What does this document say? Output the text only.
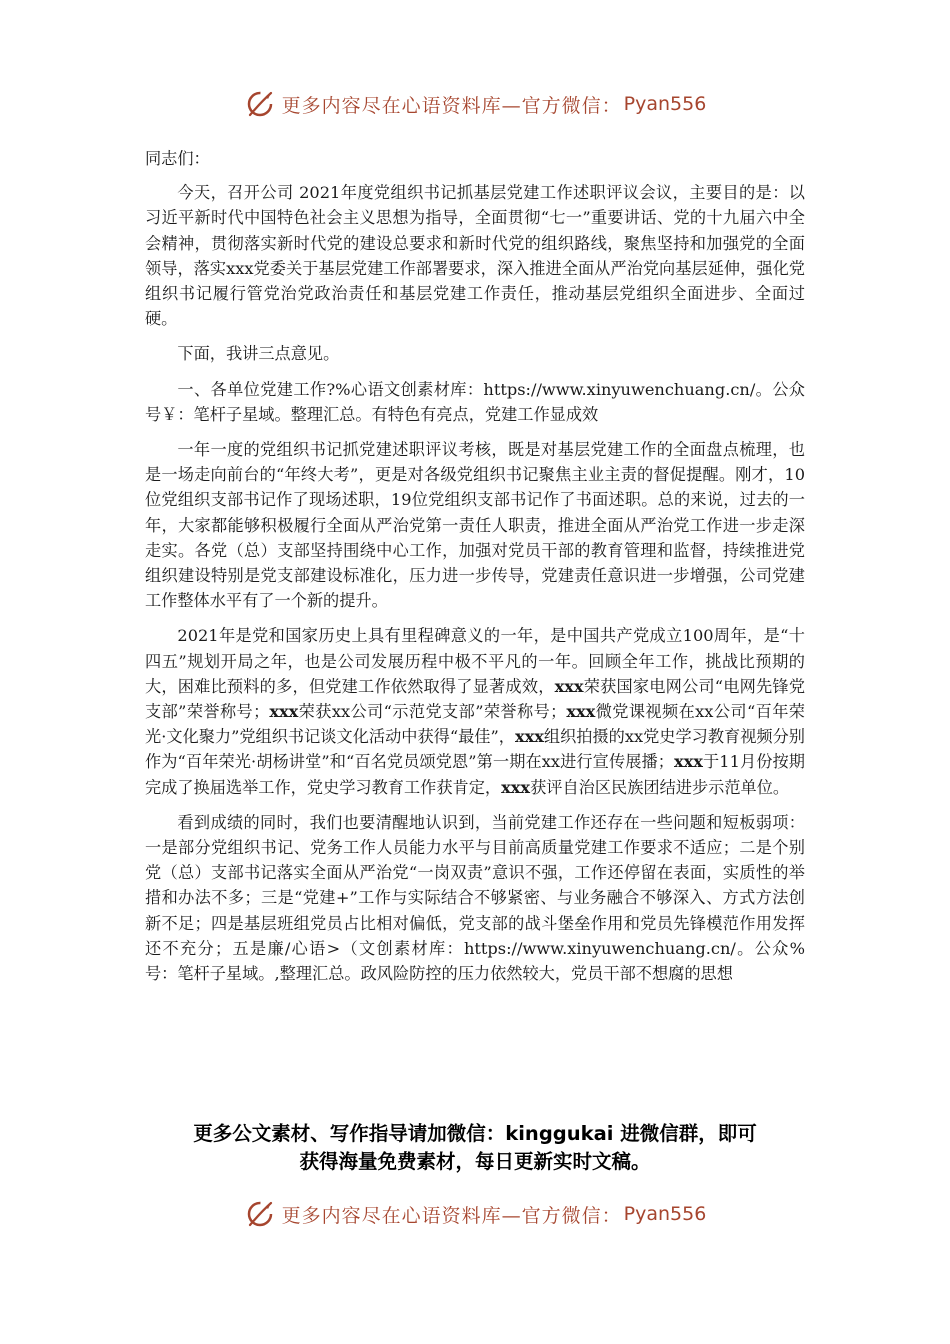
更多内容尽在心语资料库—官方微信： Pyan556

同志们：

今天，召开公司 2021年度党组织书记抓基层党建工作述职评议会议，主要目的是：以习近平新时代中国特色社会主义思想为指导，全面贯彻“七一”重要讲话、党的十九届六中全会精神，贯彻落实新时代党的建设总要求和新时代党的组织路线，聚焦坚持和加强党的全面领导，落实xxx党委关于基层党建工作部署要求，深入推进全面从严治党向基层延伸，强化党组织书记履行管党治党政治责任和基层党建工作责任，推动基层党组织全面进步、全面过硬。

下面，我讲三点意见。

一、各单位党建工作?%心语文创素材库：https://www.xinyuwenchuang.cn/。公众号￥：笔杆子星域。整理汇总。有特色有亮点，党建工作显成效

一年一度的党组织书记抓党建述职评议考核，既是对基层党建工作的全面盘点梳理，也是一场走向前台的“年终大考”，更是对各级党组织书记聚焦主业主责的督促提醒。刚才，10位党组织支部书记作了现场述职，19位党组织支部书记作了书面述职。总的来说，过去的一年，大家都能够积极履行全面从严治党第一责任人职责，推进全面从严治党工作进一步走深走实。各党（总）支部坚持围绕中心工作，加强对党员干部的教育管理和监督，持续推进党组织建设特别是党支部建设标准化，压力进一步传导，党建责任意识进一步增强，公司党建工作整体水平有了一个新的提升。

2021年是党和国家历史上具有里程碑意义的一年，是中国共产党成立100周年，是“十四五”规划开局之年，也是公司发展历程中极不平凡的一年。回顾全年工作，挑战比预期的大，困难比预料的多，但党建工作依然取得了显著成效，xxx荣获国家电网公司“电网先锋党支部”荣誉称号；xxx荣获xx公司“示范党支部”荣誉称号；xxx微党课视频在xx公司“百年荣光·文化聚力”党组织书记谈文化活动中获得“最佳”，xxx组织拍摄的xx党史学习教育视频分别作为“百年荣光·胡杨讲堂”和“百名党员颂党恩”第一期在xx进行宣传展播；xxx于11月份按期完成了换届选举工作，党史学习教育工作获肯定，xxx获评自治区民族团结进步示范单位。

看到成绩的同时，我们也要清醒地认识到，当前党建工作还存在一些问题和短板弱项：一是部分党组织书记、党务工作人员能力水平与目前高质量党建工作要求不适应；二是个别党（总）支部书记落实全面从严治党“一岗双责”意识不强，工作还停留在表面，实质性的举措和办法不多；三是“党建+”工作与实际结合不够紧密、与业务融合不够深入、方式方法创新不足；四是基层班组党员占比相对偏低，党支部的战斗堡垒作用和党员先锋模范作用发挥还不充分；五是廉/心语>（文创素材库：https://www.xinyuwenchuang.cn/。公众%号：笔杆子星域。,整理汇总。政风险防控的压力依然较大，党员干部不想腐的思想

更多公文素材、写作指导请加微信：kinggukai 进微信群，即可
获得海量免费素材，每日更新实时文稿。
更多内容尽在心语资料库—官方微信： Pyan556
